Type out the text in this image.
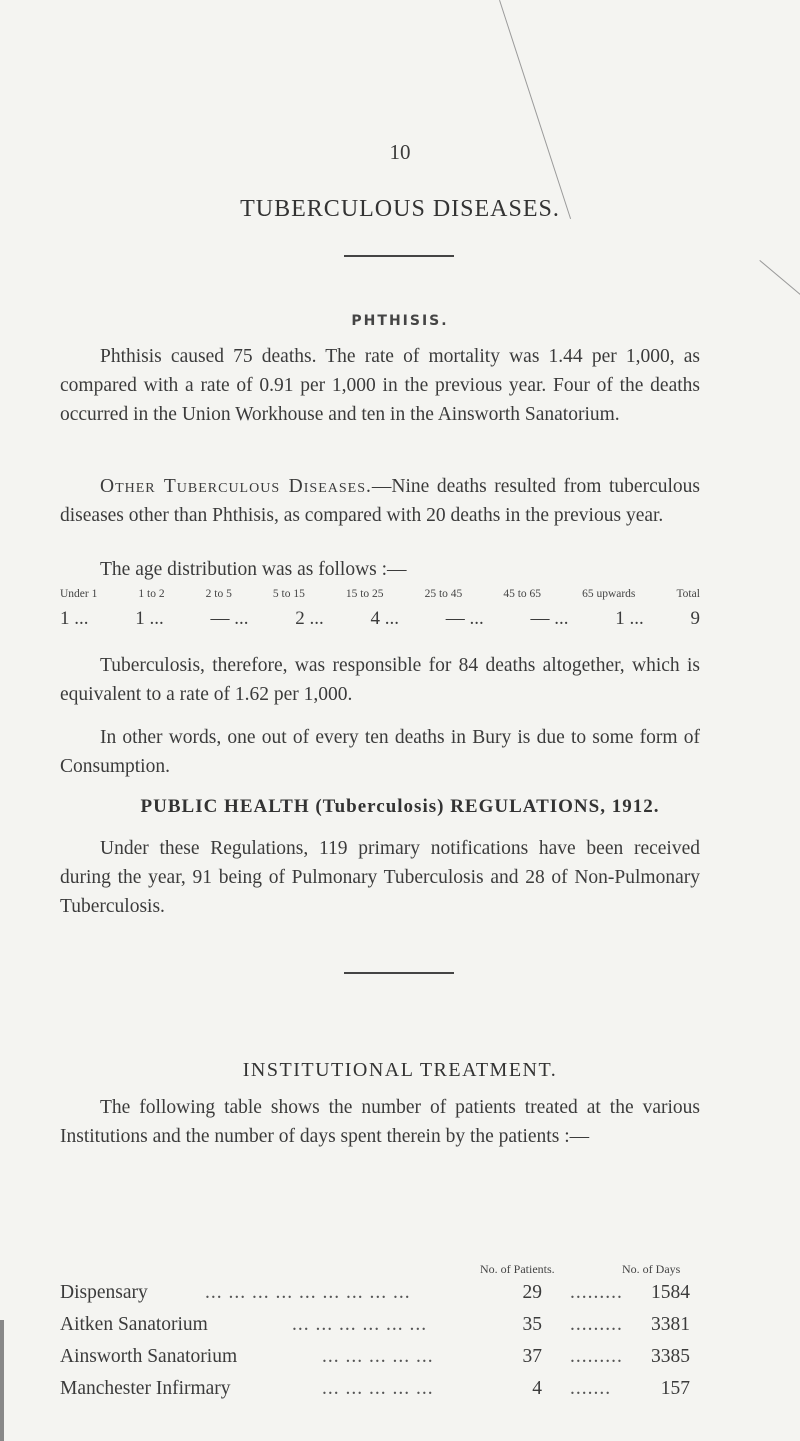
10
TUBERCULOUS DISEASES.
PHTHISIS.

Phthisis caused 75 deaths. The rate of mortality was 1.44 per 1,000, as compared with a rate of 0.91 per 1,000 in the previous year. Four of the deaths occurred in the Union Workhouse and ten in the Ainsworth Sanatorium.

Other Tuberculous Diseases.—Nine deaths resulted from tuberculous diseases other than Phthisis, as compared with 20 deaths in the previous year.

The age distribution was as follows :—

Under 1	1 to 2	2 to 5	5 to 15	15 to 25	25 to 45	45 to 65	65 upwards	Total
1 ... 1 ... — ... 2 ... 4 ... — ... — ... 1 ... 9

Tuberculosis, therefore, was responsible for 84 deaths altogether, which is equivalent to a rate of 1.62 per 1,000.

In other words, one out of every ten deaths in Bury is due to some form of Consumption.

PUBLIC HEALTH (Tuberculosis) REGULATIONS, 1912.

Under these Regulations, 119 primary notifications have been received during the year, 91 being of Pulmonary Tuberculosis and 28 of Non-Pulmonary Tuberculosis.

INSTITUTIONAL TREATMENT.

The following table shows the number of patients treated at the various Institutions and the number of days spent therein by the patients :—

No. of Patients.	No. of Days
Dispensary	... ... ... ... ... ... ... ... ...	29 .........	1584
Aitken Sanatorium	... ... ... ... ... ...	35 .........	3381
Ainsworth Sanatorium	... ... ... ... ...	37 .........	3385
Manchester Infirmary	... ... ... ... ...	4 .......	157
